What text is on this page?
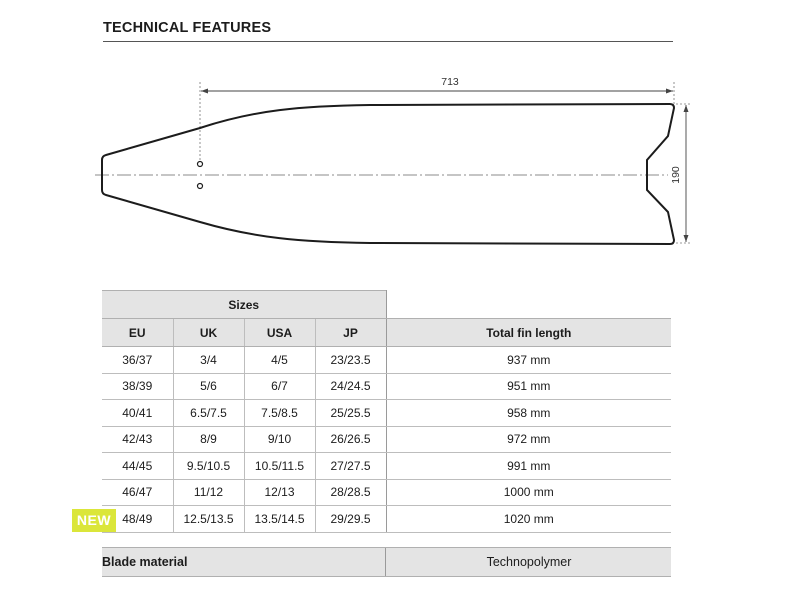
TECHNICAL FEATURES
713
190
Sizes				
EU	UK	USA	JP	Total fin length
36/37	3/4	4/5	23/23.5	937 mm
38/39	5/6	6/7	24/24.5	951 mm
40/41	6.5/7.5	7.5/8.5	25/25.5	958 mm
42/43	8/9	9/10	26/26.5	972 mm
44/45	9.5/10.5	10.5/11.5	27/27.5	991 mm
46/47	11/12	12/13	28/28.5	1000 mm
48/49	12.5/13.5	13.5/14.5	29/29.5	1020 mm
NEW
Blade material	Technopolymer
